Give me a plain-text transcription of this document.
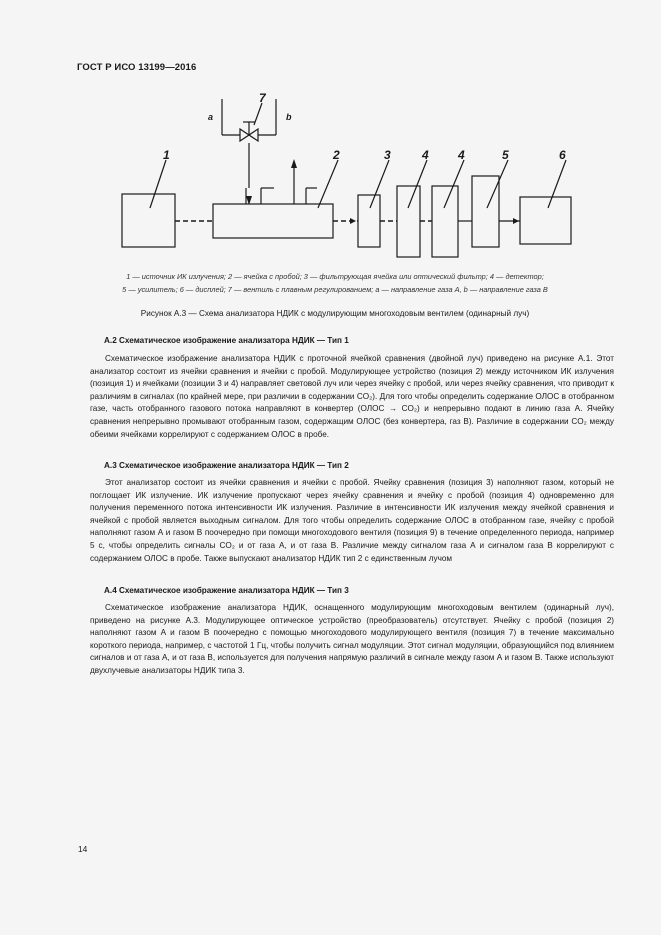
ГОСТ Р ИСО 13199—2016
1	2	3	4 4	5	6
7
a	b
1 — источник ИК излучения; 2 — ячейка с пробой; 3 — фильтрующая ячейка или оптический фильтр; 4 — детектор;
5 — усилитель; 6 — дисплей; 7 — вентиль с плавным регулированием; a — направление газа А, b — направление газа В
Рисунок А.3 — Схема анализатора НДИК с модулирующим многоходовым вентилем (одинарный луч)
А.2 Схематическое изображение анализатора НДИК — Тип 1
Схематическое изображение анализатора НДИК с проточной ячейкой сравнения (двойной луч) приведено на рисунке А.1. Этот анализатор состоит из ячейки сравнения и ячейки с пробой. Модулирующее устройство (позиция 2) между источником ИК излучения (позиция 1) и ячейками (позиции 3 и 4) направляет световой луч или через ячейку с пробой, или через ячейку сравнения, что приводит к различиям в сигналах (по крайней мере, при различии в содержании CO₂). Для того чтобы определить содержание ОЛОС в отобранном газе, часть отобранного газового потока направляют в конвертер (ОЛОС → CO₂) и непрерывно подают в линию газа А. Ячейку сравнения непрерывно промывают отобранным газом, содержащим ОЛОС (без конвертера, газ В). Различие в содержании CO₂ между обеими ячейками коррелируют с содержанием ОЛОС в пробе.
А.3 Схематическое изображение анализатора НДИК — Тип 2
Этот анализатор состоит из ячейки сравнения и ячейки с пробой. Ячейку сравнения (позиция 3) наполняют газом, который не поглощает ИК излучение. ИК излучение пропускают через ячейку сравнения и ячейку с пробой (позиция 4) одновременно для получения переменного потока интенсивности ИК излучения. Различие в интенсивности ИК излучения между ячейкой сравнения и ячейкой с пробой является выходным сигналом. Для того чтобы определить содержание ОЛОС в отобранном газе, ячейку с пробой наполняют газом А и газом В поочередно при помощи многоходового вентиля (позиция 9) в течение определенного периода, например 5 с, чтобы определить сигналы CO₂ и от газа А, и от газа В. Различие между сигналом газа А и сигналом газа В коррелируют с содержанием ОЛОС в пробе. Также выпускают анализатор НДИК тип 2 с единственным лучом
А.4 Схематическое изображение анализатора НДИК — Тип 3
Схематическое изображение анализатора НДИК, оснащенного модулирующим многоходовым вентилем (одинарный луч), приведено на рисунке А.3. Модулирующее оптическое устройство (преобразователь) отсутствует. Ячейку с пробой (позиция 2) наполняют газом А и газом В поочередно с помощью многоходового модулирующего вентиля (позиция 7) в течение максимально короткого периода, например, с частотой 1 Гц, чтобы получить сигнал модуляции. Этот сигнал модуляции, образующийся под влиянием сигналов и от газа А, и от газа В, используется для получения напрямую различий в сигнале между газом А и газом В. Также используют двухлучевые анализаторы НДИК типа 3.
14
